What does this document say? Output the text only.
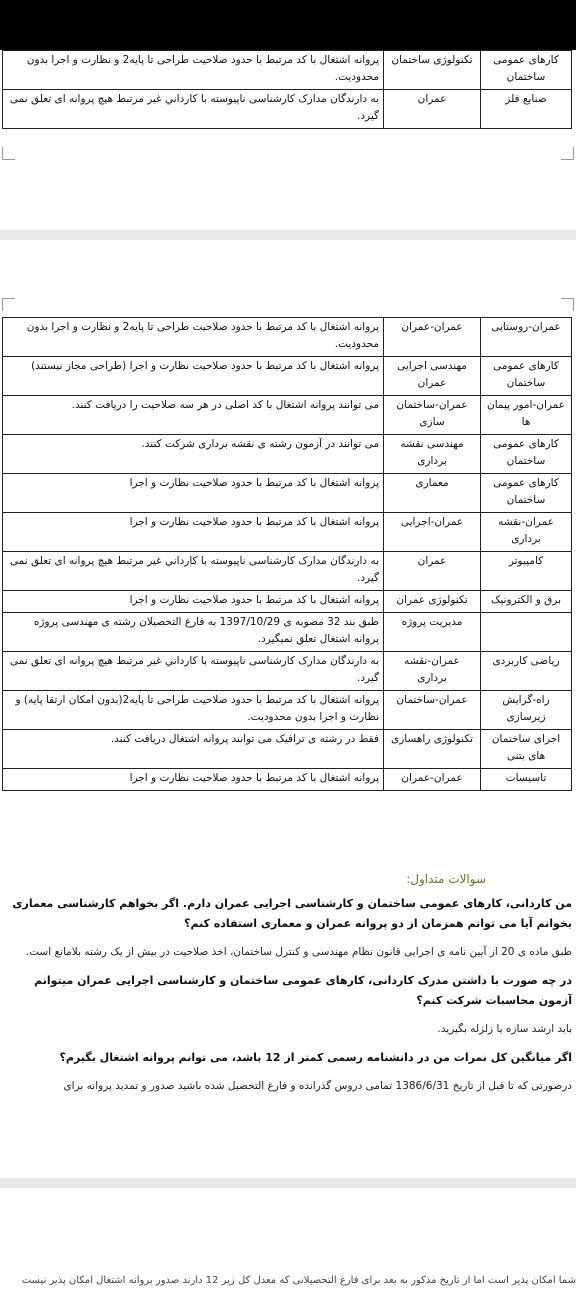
کارهای عمومی ساختمان	تکنولوژی ساختمان	پروانه اشتغال با کد مرتبط با حدود صلاحیت طراحی تا پایه2 و نظارت و اجرا بدون محدودیت.
صنایع فلز	عمران	به دارندگان مدارک کارشناسی ناپیوسته با کارداني غیر مرتبط هیچ پروانه ای تعلق نمی گیرد.
عمران-روستایی	عمران-عمران	پروانه اشتغال با کد مرتبط با حدود صلاحیت طراحی تا پایه2 و نظارت و اجرا بدون محدودیت.
کارهای عمومی ساختمان	مهندسی اجرایی عمران	پروانه اشتغال با کد مرتبط با حدود صلاحیت نظارت و اجرا (طراحی مجاز نیستند)
عمران-امور پیمان ها	عمران-ساختمان سازی	می توانند پروانه اشتغال با کد اصلی در هر سه صلاحیت را دریافت کنند.
کارهای عمومی ساختمان	مهندسی نقشه برداری	می توانند در آزمون رشته ی نقشه برداری شرکت کنند.
کارهای عمومی ساختمان	معماری	پروانه اشتغال با کد مرتبط با حدود صلاحیت نظارت و اجرا
عمران-نقشه برداری	عمران-اجرایی	پروانه اشتغال با کد مرتبط با حدود صلاحیت نظارت و اجرا
کامپیوتر	عمران	به دارندگان مدارک کارشناسی ناپیوسته با کارداني غیر مرتبط هیچ پروانه ای تعلق نمی گیرد.
برق و الکترونیک	تکنولوژی عمران	پروانه اشتغال با کد مرتبط با حدود صلاحیت نظارت و اجرا
	مدیریت پروژه	طبق بند 32 مصوبه ی 1397/10/29 به فارغ التحصیلان رشته ی مهندسی پروژه پروانه اشتغال تعلق نمیگیرد.
ریاضی کاربردی	عمران-نقشه برداری	به دارندگان مدارک کارشناسی ناپیوسته با کارداني غیر مرتبط هیچ پروانه ای تعلق نمی گیرد.
راه-گرایش زیرسازی	عمران-ساختمان	پروانه اشتغال با کد مرتبط با حدود صلاحیت طراحی تا پایه2(بدون امکان ارتقا پایه) و نظارت و اجرا بدون محدودیت.
اجرای ساختمان های بتنی	تکنولوژی راهسازی	فقط در رشته ی ترافیک می توانند پروانه اشتغال دریافت کنند.
تاسیسات	عمران-عمران	پروانه اشتغال با کد مرتبط با حدود صلاحیت نظارت و اجرا
سوالات متداول:
من کاردانی، کارهای عمومی ساختمان و کارشناسی اجرایی عمران دارم. اگر بخواهم کارشناسی معماری بخوانم آیا می توانم همزمان از دو پروانه عمران و معماری استفاده کنم؟
طبق ماده ی 20 از آیین نامه ی اجرایی قانون نظام مهندسی و کنترل ساختمان، اخذ صلاحیت در بیش از یک رشته بلامانع است.
در چه صورت با داشتن مدرک کاردانی، کارهای عمومی ساختمان و کارشناسی اجرایی عمران میتوانم آزمون محاسبات شرکت کنم؟
باید ارشد سازه یا زلزله بگیرید.
اگر میانگین کل نمرات من در دانشنامه رسمی کمتر از 12 باشد، می توانم پروانه اشتغال بگیرم؟
درصورتی که تا قبل از تاریخ 1386/6/31 تمامی دروس گذرانده و فارغ التحصیل شده باشید صدور و تمدید پروانه برای
شما امکان پذیر است اما از تاریخ مذکور به بعد برای فارغ التحصیلانی که معدل کل زیر 12 دارند صدور پروانه اشتغال امکان پذیر نیست
